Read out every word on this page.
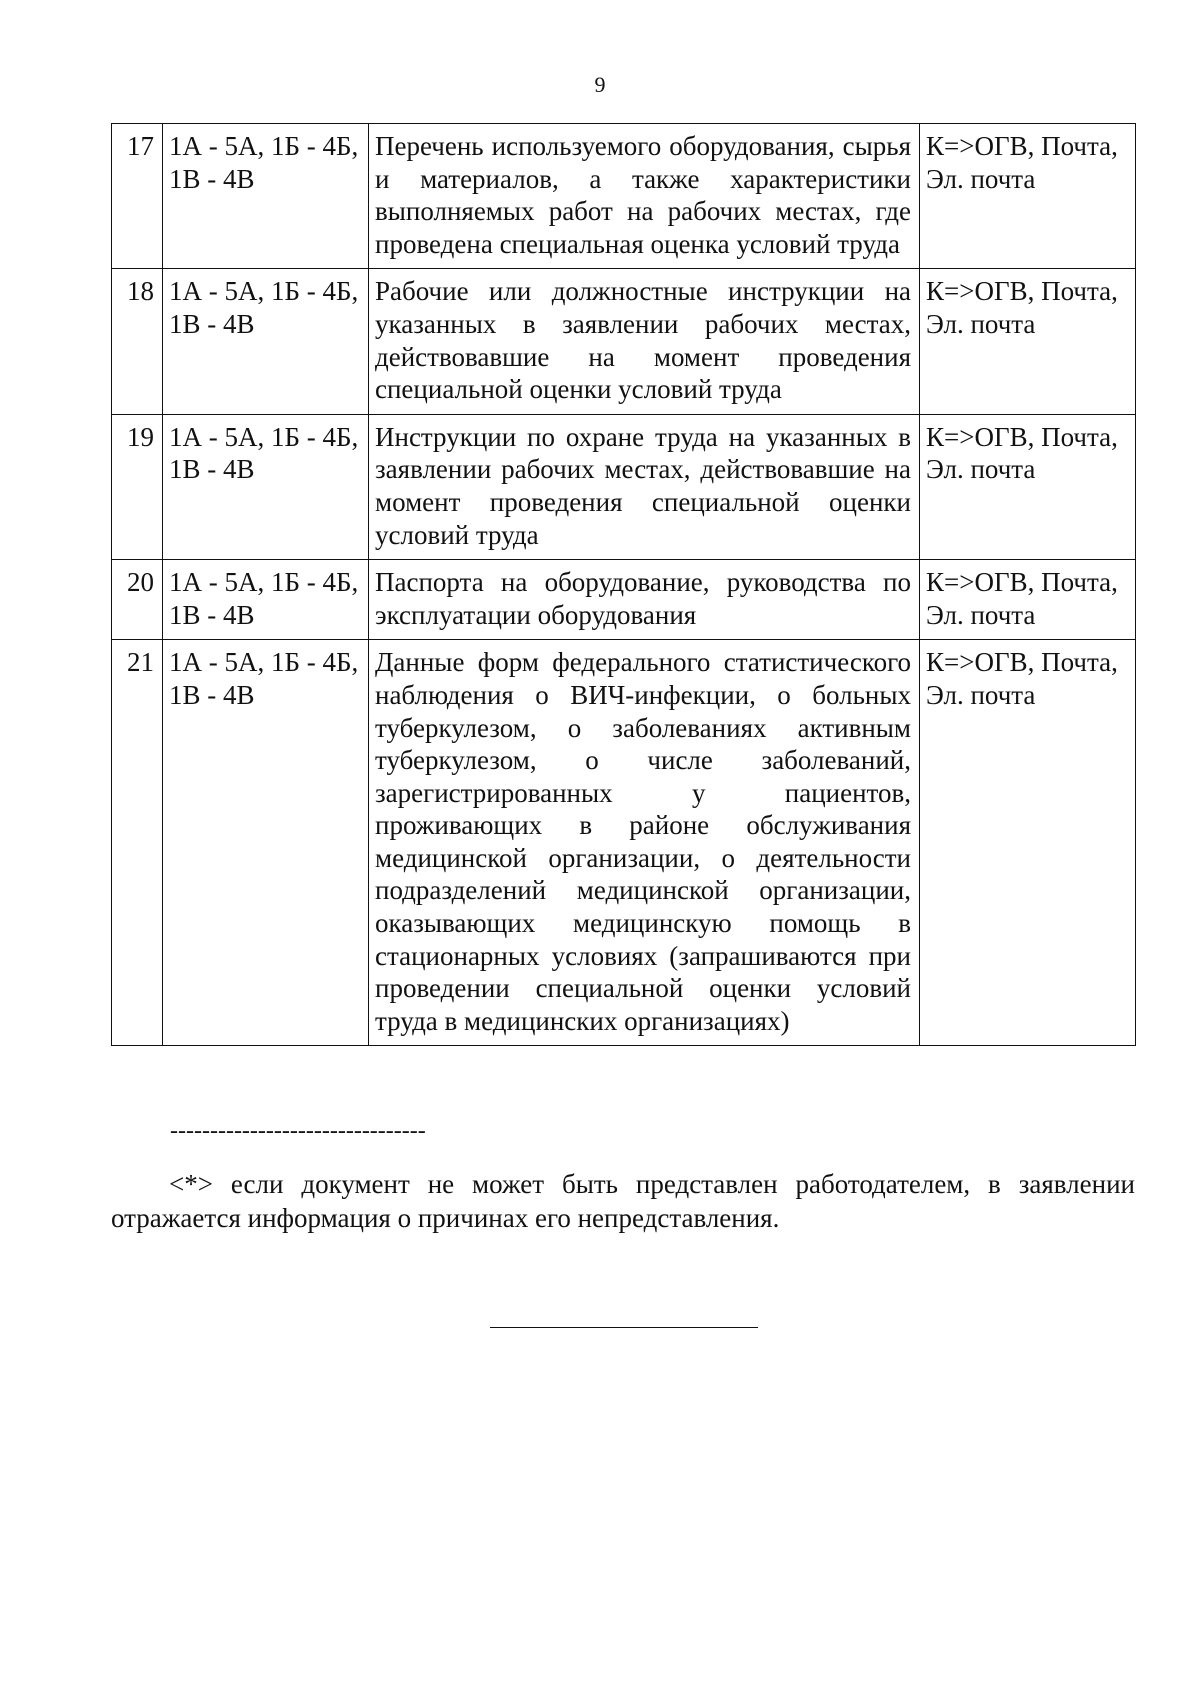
9
17	1А - 5А, 1Б - 4Б, 1В - 4В	Перечень используемого оборудования, сырья и материалов, а также характеристики выполняемых работ на рабочих местах, где проведена специальная оценка условий труда	К=>ОГВ, Почта, Эл. почта
18	1А - 5А, 1Б - 4Б, 1В - 4В	Рабочие или должностные инструкции на указанных в заявлении рабочих местах, действовавшие на момент проведения специальной оценки условий труда	К=>ОГВ, Почта, Эл. почта
19	1А - 5А, 1Б - 4Б, 1В - 4В	Инструкции по охране труда на указанных в заявлении рабочих местах, действовавшие на момент проведения специальной оценки условий труда	К=>ОГВ, Почта, Эл. почта
20	1А - 5А, 1Б - 4Б, 1В - 4В	Паспорта на оборудование, руководства по эксплуатации оборудования	К=>ОГВ, Почта, Эл. почта
21	1А - 5А, 1Б - 4Б, 1В - 4В	Данные форм федерального статистического наблюдения о ВИЧ-инфекции, о больных туберкулезом, о заболеваниях активным туберкулезом, о числе заболеваний, зарегистрированных у пациентов, проживающих в районе обслуживания медицинской организации, о деятельности подразделений медицинской организации, оказывающих медицинскую помощь в стационарных условиях (запрашиваются при проведении специальной оценки условий труда в медицинских организациях)	К=>ОГВ, Почта, Эл. почта
--------------------------------

<*> если документ не может быть представлен работодателем, в заявлении отражается информация о причинах его непредставления.
